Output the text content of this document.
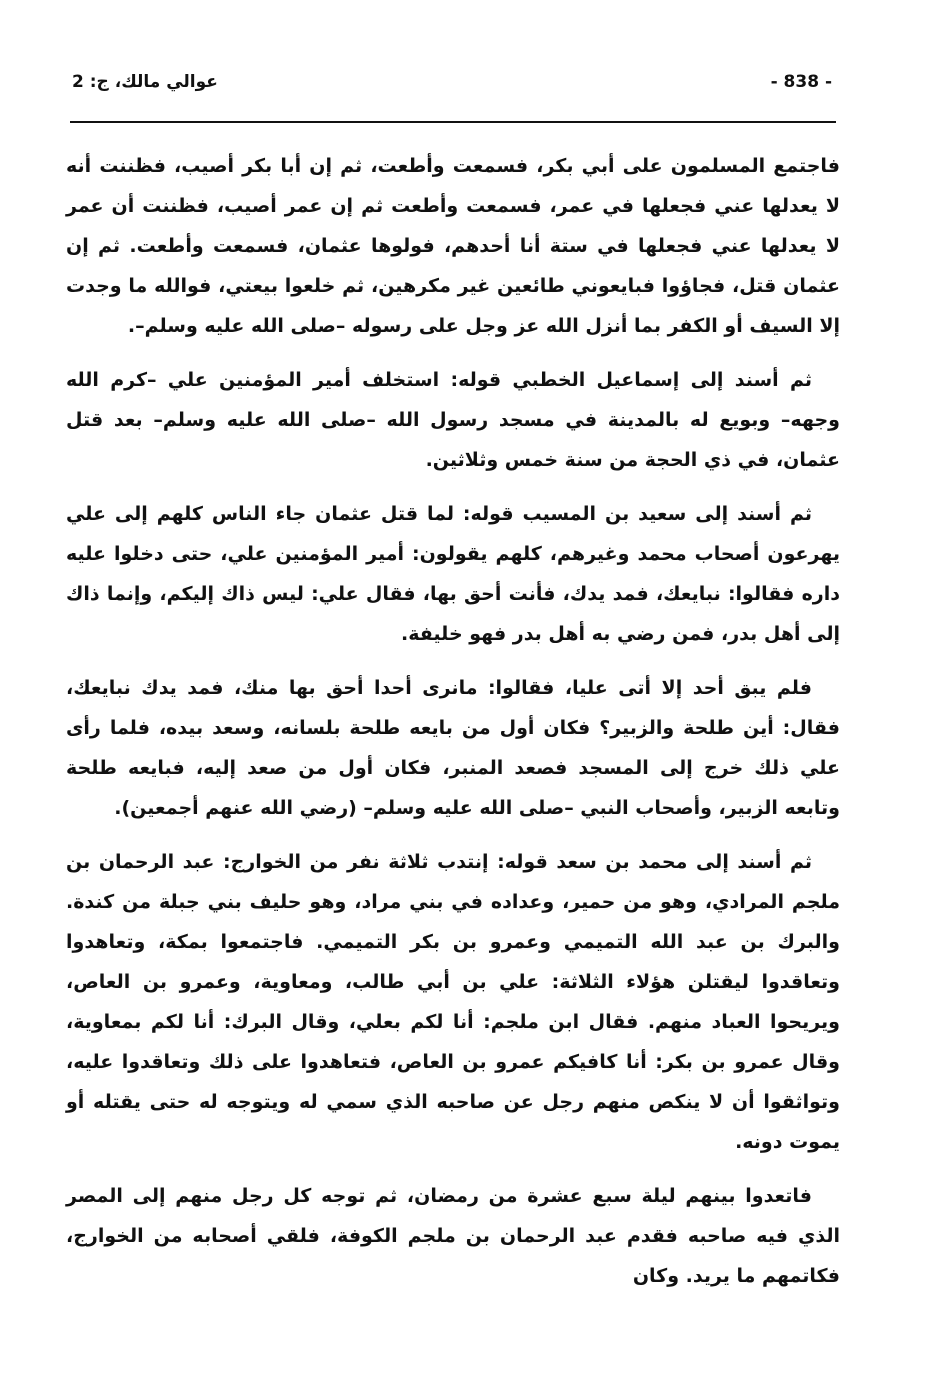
- 838 -
عوالي مالك، ج: 2

فاجتمع المسلمون على أبي بكر، فسمعت وأطعت، ثم إن أبا بكر أصيب، فظننت أنه لا يعدلها عني فجعلها في عمر، فسمعت وأطعت ثم إن عمر أصيب، فظننت أن عمر لا يعدلها عني فجعلها في ستة أنا أحدهم، فولوها عثمان، فسمعت وأطعت. ثم إن عثمان قتل، فجاؤوا فبايعوني طائعين غير مكرهين، ثم خلعوا بيعتي، فوالله ما وجدت إلا السيف أو الكفر بما أنزل الله عز وجل على رسوله –صلى الله عليه وسلم–.

ثم أسند إلى إسماعيل الخطبي قوله: استخلف أمير المؤمنين علي –كرم الله وجهه– وبويع له بالمدينة في مسجد رسول الله –صلى الله عليه وسلم– بعد قتل عثمان، في ذي الحجة من سنة خمس وثلاثين.

ثم أسند إلى سعيد بن المسيب قوله: لما قتل عثمان جاء الناس كلهم إلى علي يهرعون أصحاب محمد وغيرهم، كلهم يقولون: أمير المؤمنين علي، حتى دخلوا عليه داره فقالوا: نبايعك، فمد يدك، فأنت أحق بها، فقال علي: ليس ذاك إليكم، وإنما ذاك إلى أهل بدر، فمن رضي به أهل بدر فهو خليفة.

فلم يبق أحد إلا أتى عليا، فقالوا: مانرى أحدا أحق بها منك، فمد يدك نبايعك، فقال: أين طلحة والزبير؟ فكان أول من بايعه طلحة بلسانه، وسعد بيده، فلما رأى علي ذلك خرج إلى المسجد فصعد المنبر، فكان أول من صعد إليه، فبايعه طلحة وتابعه الزبير، وأصحاب النبي –صلى الله عليه وسلم– (رضي الله عنهم أجمعين).

ثم أسند إلى محمد بن سعد قوله: إنتدب ثلاثة نفر من الخوارج: عبد الرحمان بن ملجم المرادي، وهو من حمير، وعداده في بني مراد، وهو حليف بني جبلة من كندة. والبرك بن عبد الله التميمي وعمرو بن بكر التميمي. فاجتمعوا بمكة، وتعاهدوا وتعاقدوا ليقتلن هؤلاء الثلاثة: علي بن أبي طالب، ومعاوية، وعمرو بن العاص، ويريحوا العباد منهم. فقال ابن ملجم: أنا لكم بعلي، وقال البرك: أنا لكم بمعاوية، وقال عمرو بن بكر: أنا كافيكم عمرو بن العاص، فتعاهدوا على ذلك وتعاقدوا عليه، وتواثقوا أن لا ينكص منهم رجل عن صاحبه الذي سمي له ويتوجه له حتى يقتله أو يموت دونه.

فاتعدوا بينهم ليلة سبع عشرة من رمضان، ثم توجه كل رجل منهم إلى المصر الذي فيه صاحبه فقدم عبد الرحمان بن ملجم الكوفة، فلقي أصحابه من الخوارج، فكاتمهم ما يريد. وكان
